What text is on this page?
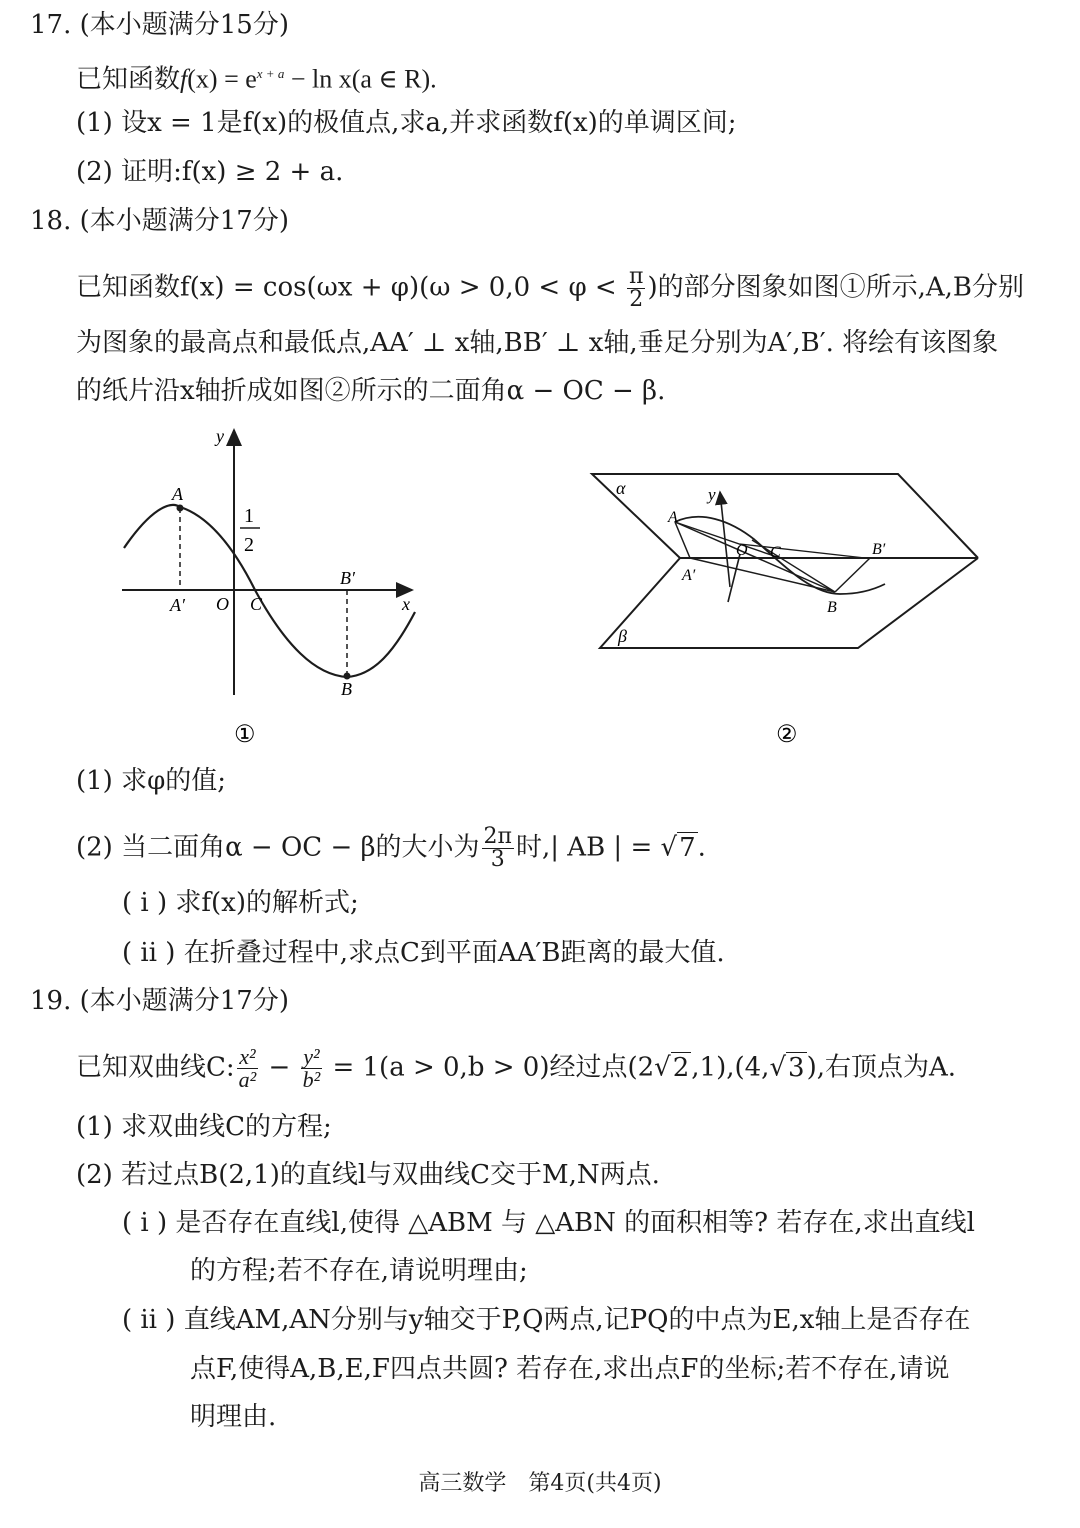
17. (本小题满分15分)
已知函数$f(x) = e^{x + a} - \ln x(a$ ∈ R).
(1) 设x = 1是f(x)的极值点,求a,并求函数f(x)的单调区间;
(2) 证明:f(x) ≥ 2 + a.
18. (本小题满分17分)
已知函数$f(x) = \cos(\omega x + \varphi)(\omega > 0,0 < \varphi < \frac{\pi}{2}$ )的部分图象如图①所示,A,B分别
为图象的最高点和最低点,AA′ ⊥ x轴,BB′ ⊥ x轴,垂足分别为A′,B′. 将绘有该图象
的纸片沿x轴折成如图②所示的二面角α − OC − β.
y
A
1
2
A′ O C
B′
x
B
①
α
β
y
A
O C	B′
A′
B
②
(1) 求φ的值;
(2) 当二面角α − OC − β的大小为 $\frac{2\pi}{3}$ 时,| AB | = √7.
( ⅰ ) 求f(x)的解析式;
( ⅱ ) 在折叠过程中,求点C到平面AA′B距离的最大值.
19. (本小题满分17分)
已知双曲线C: $\frac{\text{x²}}{\text{a²}} - \frac{\text{y²}}{\text{b²}} = 1(a > 0,b > 0)$经过点(2√2,1),(4,√3),右顶点为A.
(1) 求双曲线C的方程;
(2) 若过点B(2,1)的直线l与双曲线C交于M,N两点.
( ⅰ ) 是否存在直线l,使得 △ABM 与 △ABN 的面积相等? 若存在,求出直线l
的方程;若不存在,请说明理由;
( ⅱ ) 直线AM,AN分别与y轴交于P,Q两点,记PQ的中点为E,x轴上是否存在
点F,使得A,B,E,F四点共圆? 若存在,求出点F的坐标;若不存在,请说
明理由.
高三数学　第4页(共4页)
